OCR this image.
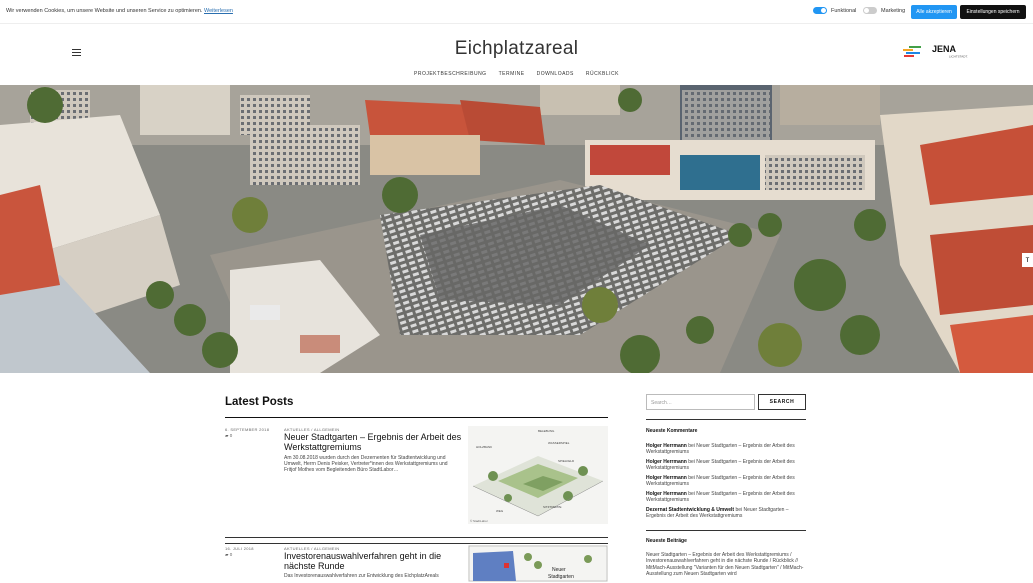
Wir verwenden Cookies, um unsere Website und unseren Service zu optimieren. Weiterlesen	Funktional	Marketing	Alle akzeptieren	Einstellungen speichern
Eichplatzareal
PROJEKTBESCHREIBUNG TERMINE DOWNLOADS RÜCKBLICK
JENA
LICHTSTADT.
ᴛ
Latest Posts
6. SEPTEMBER 2018
▰ 0
AKTUELLES / ALLGEMEIN
Neuer Stadtgarten – Ergebnis der Arbeit des Werkstattgremiums
Am 30.08.2018 wurden durch den Dezernenten für Stadtentwicklung und Umwelt, Herrn Denis Peisker, Vertreter*innen des Werkstattgremiums und Fritjof Mothes vom Begleitenden Büro StadtLabor…
BELEBUNG
WASSERSPIEL
HOLZBANK
SPIELFELD
SITZTREPPE
WEG
© StadtLabor
16. JULI 2018
▰ 0
AKTUELLES / ALLGEMEIN
Investorenauswahlverfahren geht in die nächste Runde
Das Investorenauswahlverfahren zur Entwicklung des EichplatzAreals
Neuer
Stadtgarten
Search…	SEARCH
Neueste Kommentare
Holger Herrmann bei Neuer Stadtgarten – Ergebnis der Arbeit des Werkstattgremiums
Holger Herrmann bei Neuer Stadtgarten – Ergebnis der Arbeit des Werkstattgremiums
Holger Herrmann bei Neuer Stadtgarten – Ergebnis der Arbeit des Werkstattgremiums
Holger Herrmann bei Neuer Stadtgarten – Ergebnis der Arbeit des Werkstattgremiums
Dezernat Stadtentwicklung & Umwelt bei Neuer Stadtgarten – Ergebnis der Arbeit des Werkstattgremiums
Neueste Beiträge
Neuer Stadtgarten – Ergebnis der Arbeit des Werkstattgremiums / Investorenauswahlverfahren geht in die nächste Runde / Rückblick // MitMach-Ausstellung "Varianten für den Neuen Stadtgarten" / MitMach-Ausstellung zum Neuen Stadtgarten wird
